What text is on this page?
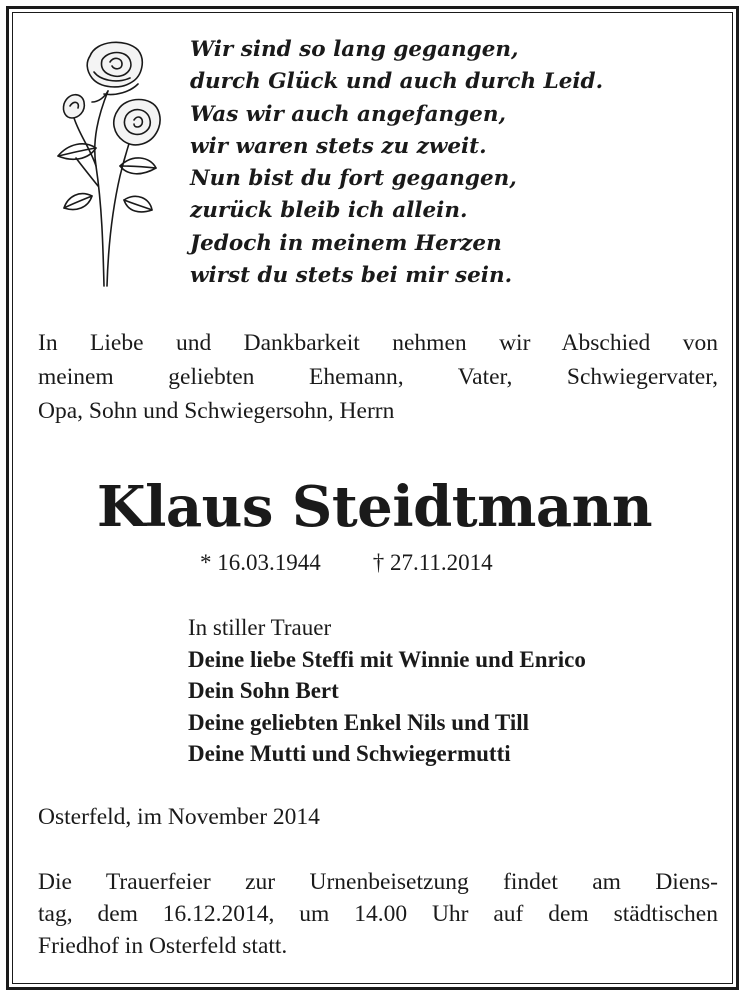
Wir sind so lang gegangen,
durch Glück und auch durch Leid.
Was wir auch angefangen,
wir waren stets zu zweit.
Nun bist du fort gegangen,
zurück bleib ich allein.
Jedoch in meinem Herzen
wirst du stets bei mir sein.
In Liebe und Dankbarkeit nehmen wir Abschied von
meinem geliebten Ehemann, Vater, Schwiegervater,
Opa, Sohn und Schwiegersohn, Herrn
Klaus Steidtmann
* 16.03.1944 † 27.11.2014
In stiller Trauer
Deine liebe Steffi mit Winnie und Enrico
Dein Sohn Bert
Deine geliebten Enkel Nils und Till
Deine Mutti und Schwiegermutti

Osterfeld, im November 2014

Die Trauerfeier zur Urnenbeisetzung findet am Diens-
tag, dem 16.12.2014, um 14.00 Uhr auf dem städtischen
Friedhof in Osterfeld statt.
